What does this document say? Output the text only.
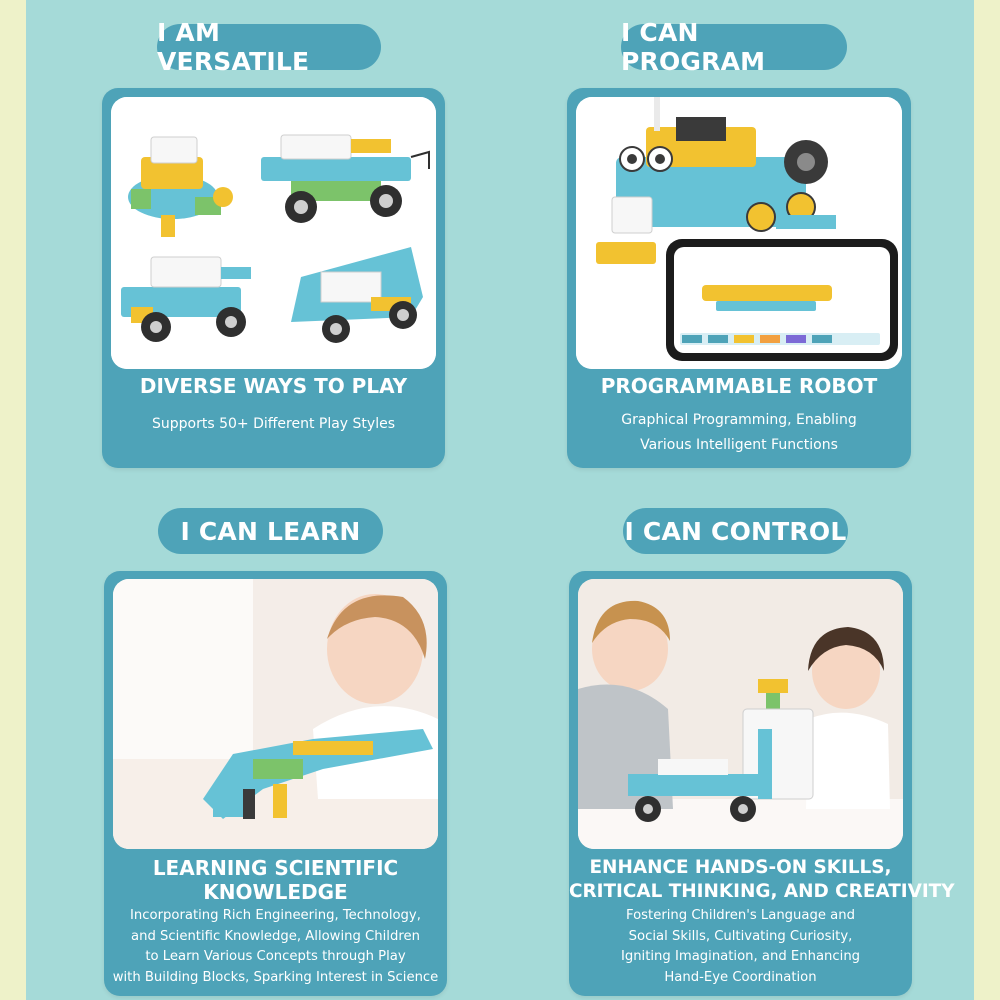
I AM VERSATILE
DIVERSE WAYS TO PLAY
Supports 50+ Different Play Styles
I CAN PROGRAM
PROGRAMMABLE ROBOT
Graphical Programming, Enabling
Various Intelligent Functions
I CAN LEARN
LEARNING SCIENTIFIC
KNOWLEDGE
Incorporating Rich Engineering, Technology,
and Scientific Knowledge, Allowing Children
to Learn Various Concepts through Play
with Building Blocks, Sparking Interest in Science
I CAN CONTROL
ENHANCE HANDS-ON SKILLS,
CRITICAL THINKING, AND CREATIVITY
Fostering Children's Language and
Social Skills, Cultivating Curiosity,
Igniting Imagination, and Enhancing
Hand-Eye Coordination
